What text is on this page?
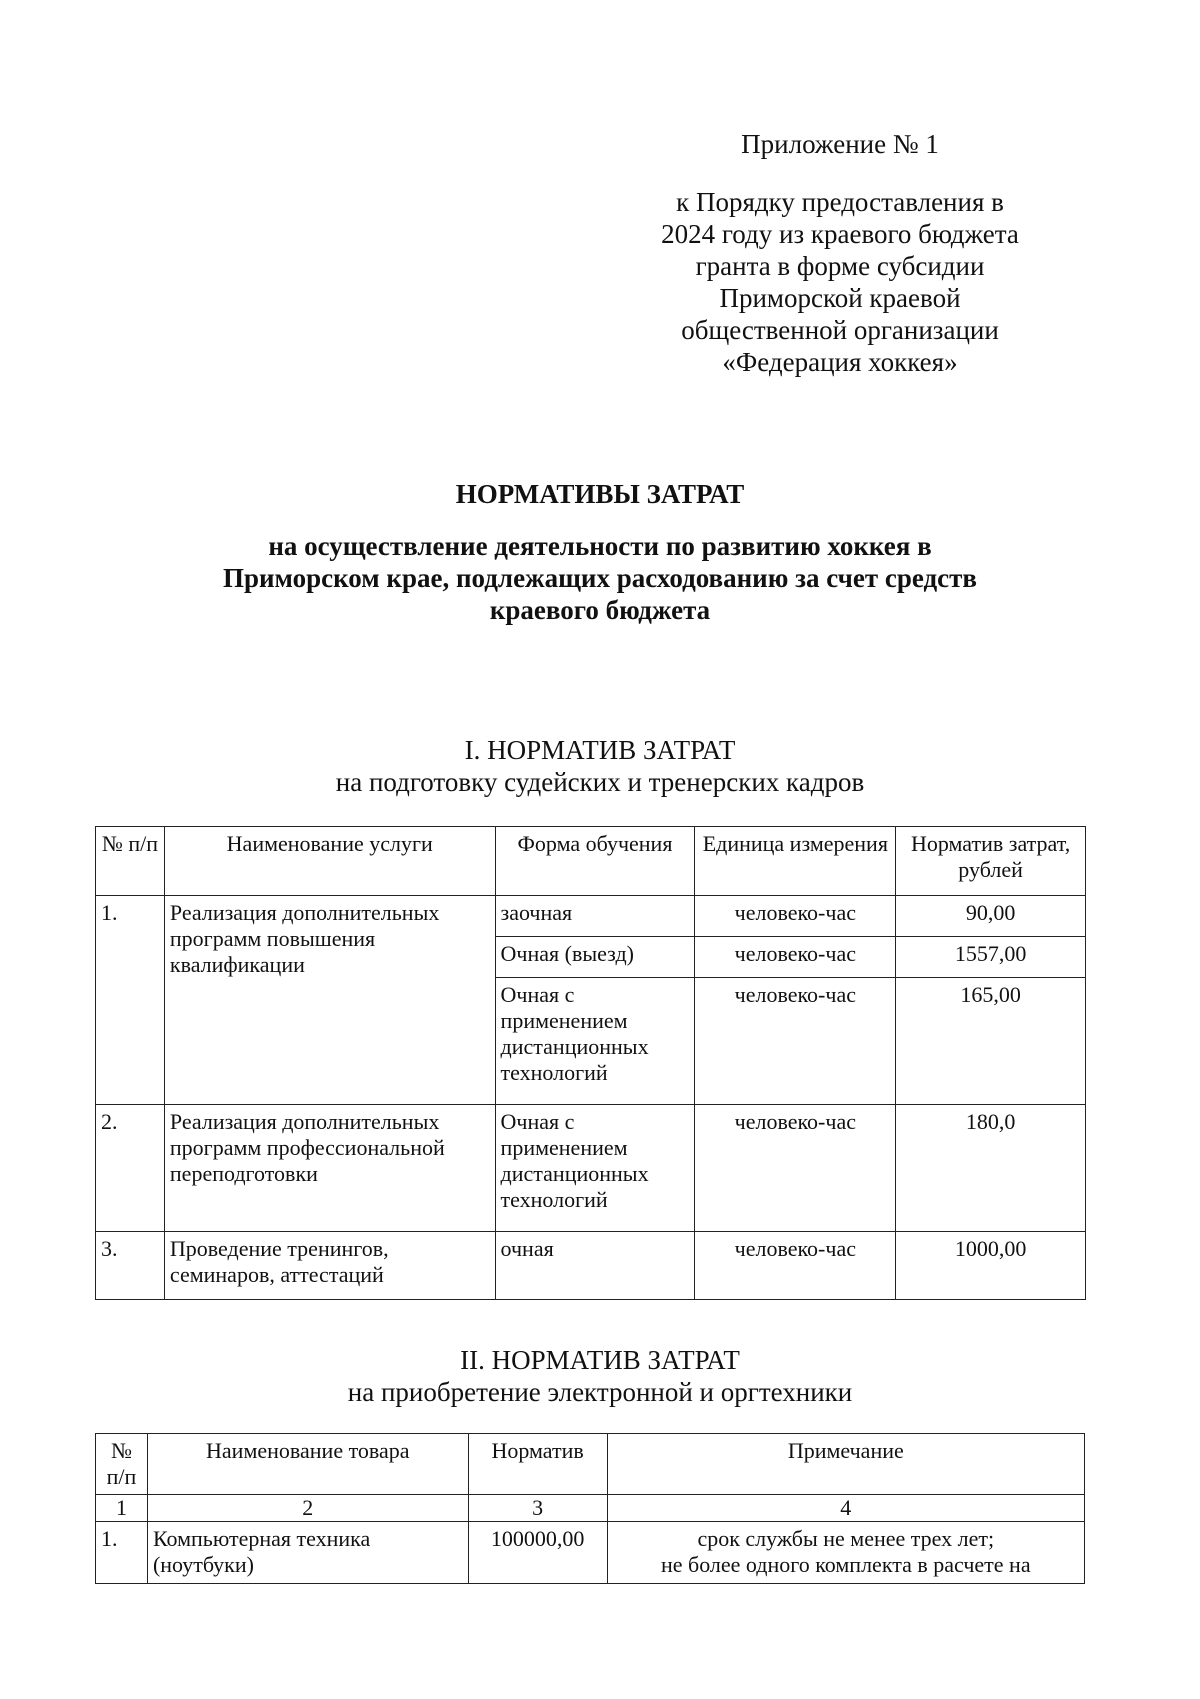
Приложение № 1
к Порядку предоставления в
2024 году из краевого бюджета
гранта в форме субсидии
Приморской краевой
общественной организации
«Федерация хоккея»
НОРМАТИВЫ ЗАТРАТ
на осуществление деятельности по развитию хоккея в
Приморском крае, подлежащих расходованию за счет средств
краевого бюджета
I. НОРМАТИВ ЗАТРАТ
на подготовку судейских и тренерских кадров
№ п/п	Наименование услуги	Форма обучения	Единица измерения	Норматив затрат, рублей
1.	Реализация дополнительных программ повышения квалификации	заочная	человеко-час	90,00
		Очная (выезд)	человеко-час	1557,00
		Очная с применением дистанционных технологий	человеко-час	165,00
2.	Реализация дополнительных программ профессиональной переподготовки	Очная с применением дистанционных технологий	человеко-час	180,0
3.	Проведение тренингов, семинаров, аттестаций	очная	человеко-час	1000,00
II. НОРМАТИВ ЗАТРАТ
на приобретение электронной и оргтехники
№ п/п	Наименование товара	Норматив	Примечание
1	2	3	4
1.	Компьютерная техника (ноутбуки)	100000,00	срок службы не менее трех лет;
не более одного комплекта в расчете на
